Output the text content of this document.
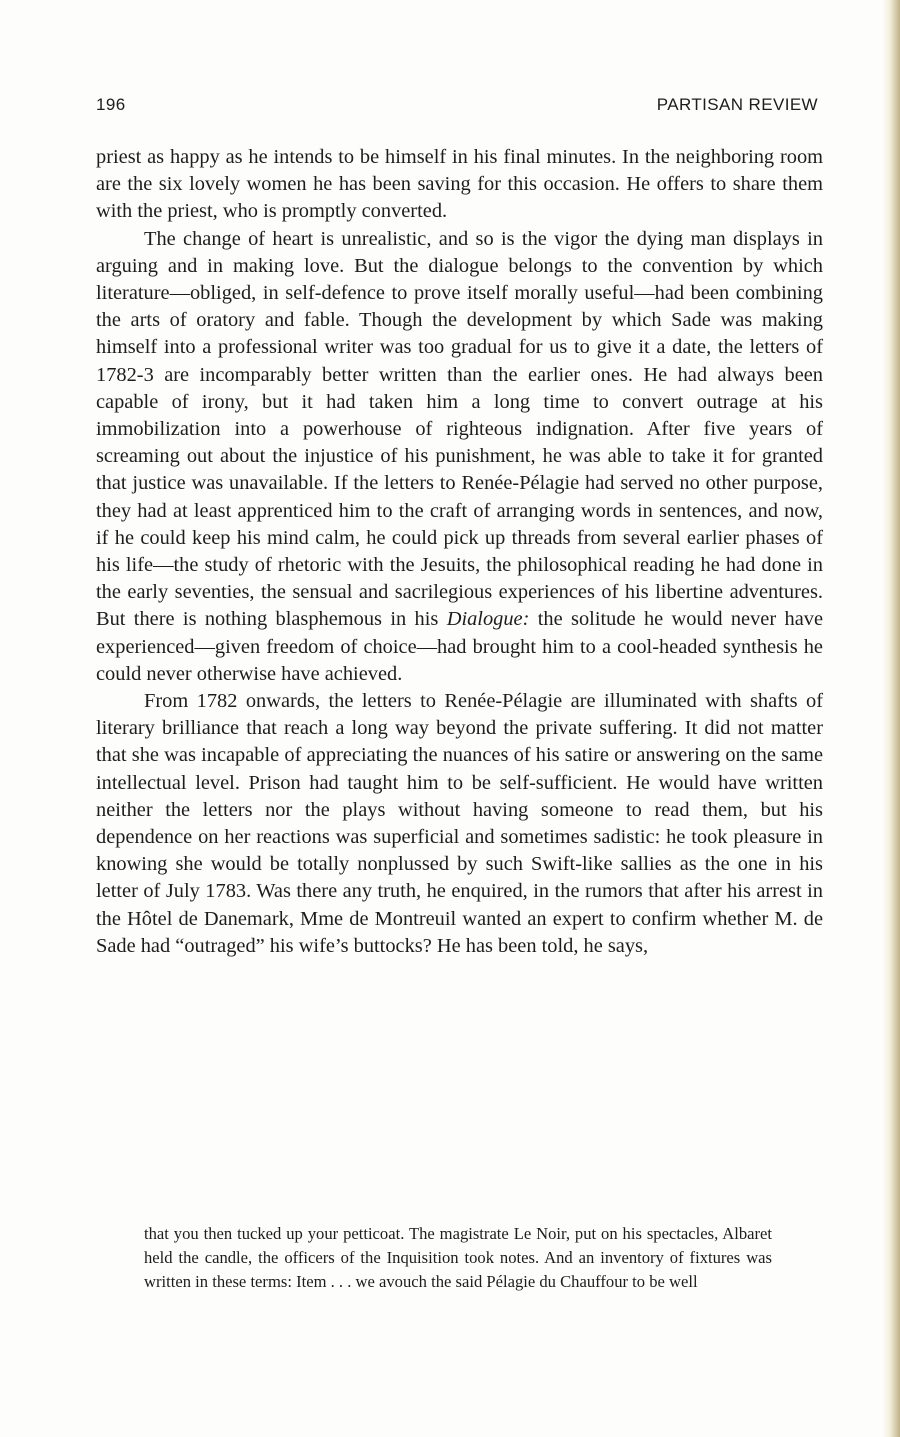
196	PARTISAN REVIEW

priest as happy as he intends to be himself in his final minutes. In the neighboring room are the six lovely women he has been saving for this occasion. He offers to share them with the priest, who is promptly converted.

The change of heart is unrealistic, and so is the vigor the dying man displays in arguing and in making love. But the dialogue belongs to the convention by which literature—obliged, in self-defence to prove itself morally useful—had been combining the arts of oratory and fable. Though the development by which Sade was making himself into a professional writer was too gradual for us to give it a date, the letters of 1782-3 are incomparably better written than the earlier ones. He had always been capable of irony, but it had taken him a long time to convert outrage at his immobilization into a powerhouse of righteous indignation. After five years of screaming out about the injustice of his punishment, he was able to take it for granted that justice was unavailable. If the letters to Renée-Pélagie had served no other purpose, they had at least apprenticed him to the craft of arranging words in sentences, and now, if he could keep his mind calm, he could pick up threads from several earlier phases of his life—the study of rhetoric with the Jesuits, the philosophical reading he had done in the early seventies, the sensual and sacrilegious experiences of his libertine adventures. But there is nothing blasphemous in his Dialogue: the solitude he would never have experienced—given freedom of choice—had brought him to a cool-headed synthesis he could never otherwise have achieved.

From 1782 onwards, the letters to Renée-Pélagie are illuminated with shafts of literary brilliance that reach a long way beyond the private suffering. It did not matter that she was incapable of appreciating the nuances of his satire or answering on the same intellectual level. Prison had taught him to be self-sufficient. He would have written neither the letters nor the plays without having someone to read them, but his dependence on her reactions was superficial and sometimes sadistic: he took pleasure in knowing she would be totally nonplussed by such Swift-like sallies as the one in his letter of July 1783. Was there any truth, he enquired, in the rumors that after his arrest in the Hôtel de Danemark, Mme de Montreuil wanted an expert to confirm whether M. de Sade had “outraged” his wife’s buttocks? He has been told, he says,

that you then tucked up your petticoat. The magistrate Le Noir, put on his spectacles, Albaret held the candle, the officers of the Inquisition took notes. And an inventory of fixtures was written in these terms: Item . . . we avouch the said Pélagie du Chauffour to be well
